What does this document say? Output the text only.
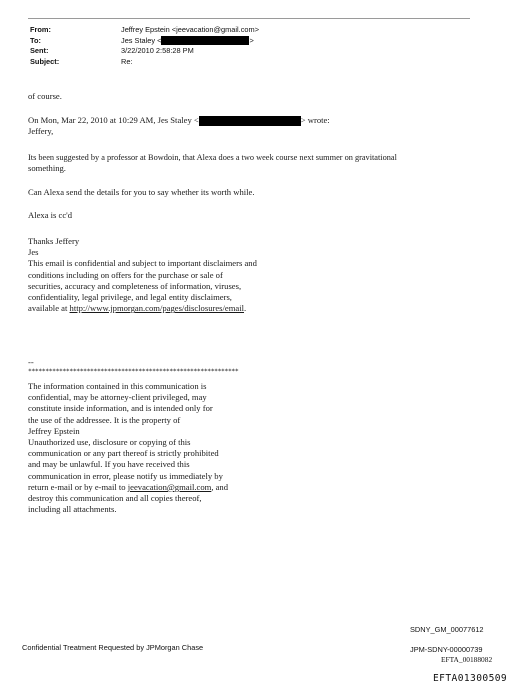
From:	Jeffrey Epstein <jeevacation@gmail.com>
To:	Jes Staley <	>
Sent:	3/22/2010 2:58:28 PM
Subject:	Re:
of course.
On Mon, Mar 22, 2010 at 10:29 AM, Jes Staley <	> wrote:
Jeffery,
Its been suggested by a professor at Bowdoin, that Alexa does a two week course next summer on gravitational
something.
Can Alexa send the details for you to say whether its worth while.
Alexa is cc'd
Thanks Jeffery
Jes
This email is confidential and subject to important disclaimers and
conditions including on offers for the purchase or sale of
securities, accuracy and completeness of information, viruses,
confidentiality, legal privilege, and legal entity disclaimers,
available at http://www.jpmorgan.com/pages/disclosures/email.
--
*************************************************************
The information contained in this communication is
confidential, may be attorney-client privileged, may
constitute inside information, and is intended only for
the use of the addressee. It is the property of
Jeffrey Epstein
Unauthorized use, disclosure or copying of this
communication or any part thereof is strictly prohibited
and may be unlawful. If you have received this
communication in error, please notify us immediately by
return e-mail or by e-mail to jeevacation@gmail.com, and
destroy this communication and all copies thereof,
including all attachments.
SDNY_GM_00077612
Confidential Treatment Requested by JPMorgan Chase	JPM-SDNY-00000739
EFTA_00188082
EFTA01300509
